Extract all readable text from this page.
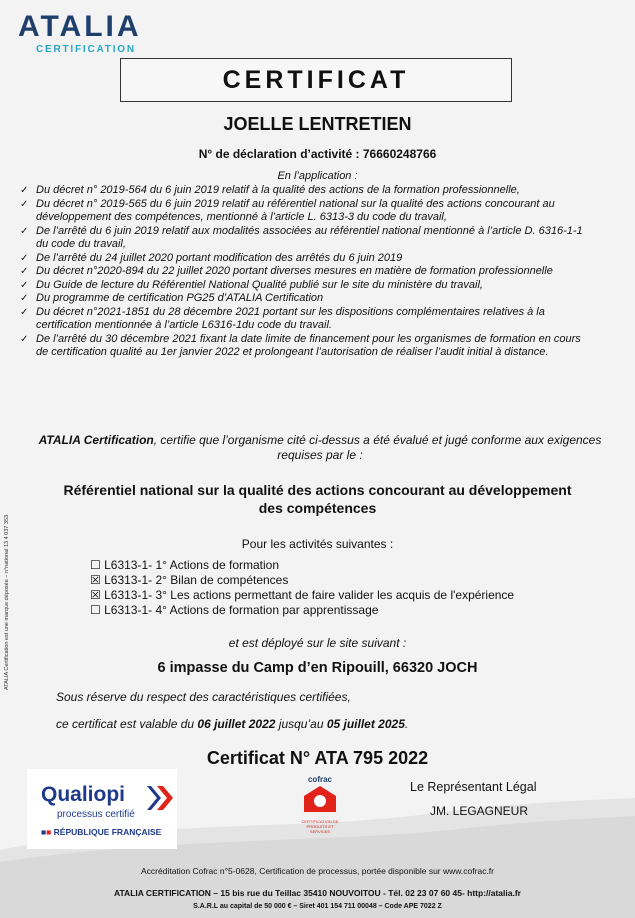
ATALIA
CERTIFICATION
CERTIFICAT
JOELLE LENTRETIEN
N° de déclaration d’activité : 76660248766
En l’application :
✓ Du décret n° 2019-564 du 6 juin 2019 relatif à la qualité des actions de la formation professionnelle,
✓ Du décret n° 2019-565 du 6 juin 2019 relatif au référentiel national sur la qualité des actions concourant au développement des compétences, mentionné à l’article L. 6313-3 du code du travail,
✓ De l’arrêté du 6 juin 2019 relatif aux modalités associées au référentiel national mentionné à l’article D. 6316-1-1 du code du travail,
✓ De l’arrêté du 24 juillet 2020 portant modification des arrêtés du 6 juin 2019
✓ Du décret n°2020-894 du 22 juillet 2020 portant diverses mesures en matière de formation professionnelle
✓ Du Guide de lecture du Référentiel National Qualité publié sur le site du ministère du travail,
✓ Du programme de certification PG25 d’ATALIA Certification
✓ Du décret n°2021-1851 du 28 décembre 2021 portant sur les dispositions complémentaires relatives à la certification mentionnée à l’article L6316-1du code du travail.
✓ De l’arrêté du 30 décembre 2021 fixant la date limite de financement pour les organismes de formation en cours de certification qualité au 1er janvier 2022 et prolongeant l’autorisation de réaliser l’audit initial à distance.
ATALIA Certification, certifie que l’organisme cité ci-dessus a été évalué et jugé conforme aux exigences requises par le :
Référentiel national sur la qualité des actions concourant au développement des compétences
Pour les activités suivantes :
☐ L6313-1- 1° Actions de formation
☒ L6313-1- 2° Bilan de compétences
☒ L6313-1- 3° Les actions permettant de faire valider les acquis de l'expérience
☐ L6313-1- 4° Actions de formation par apprentissage
et est déployé sur le site suivant :
6 impasse du Camp d’en Ripouill, 66320 JOCH
Sous réserve du respect des caractéristiques certifiées,
ce certificat est valable du 06 juillet 2022 jusqu’au 05 juillet 2025.
Certificat N° ATA 795 2022
Qualiopi
processus certifié
■■ RÉPUBLIQUE FRANÇAISE
cofrac
CERTIFICATION DE PRODUITS ET SERVICES
Le Représentant Légal
JM. LEGAGNEUR
Accréditation Cofrac n°5-0628, Certification de processus, portée disponible sur www.cofrac.fr
ATALIA CERTIFICATION – 15 bis rue du Teillac 35410 NOUVOITOU - Tél. 02 23 07 60 45- http://atalia.fr
S.A.R.L au capital de 50 000 € – Siret 401 154 711 00048 – Code APE 7022 Z
ATALIA Certification est une marque déposée – n°national 13 4 037 353
